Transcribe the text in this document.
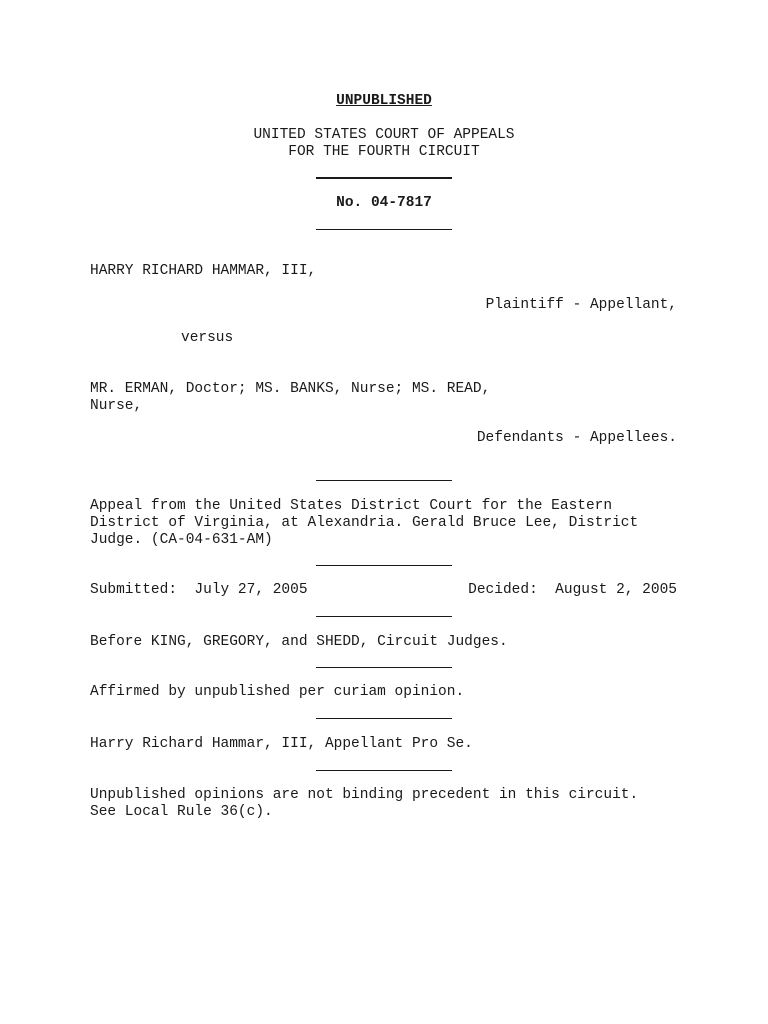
UNPUBLISHED
UNITED STATES COURT OF APPEALS
FOR THE FOURTH CIRCUIT
No. 04-7817
HARRY RICHARD HAMMAR, III,
Plaintiff - Appellant,
versus
MR. ERMAN, Doctor; MS. BANKS, Nurse; MS. READ,
Nurse,
Defendants - Appellees.
Appeal from the United States District Court for the Eastern
District of Virginia, at Alexandria. Gerald Bruce Lee, District
Judge. (CA-04-631-AM)
Submitted:  July 27, 2005	Decided:  August 2, 2005
Before KING, GREGORY, and SHEDD, Circuit Judges.
Affirmed by unpublished per curiam opinion.
Harry Richard Hammar, III, Appellant Pro Se.
Unpublished opinions are not binding precedent in this circuit.
See Local Rule 36(c).
